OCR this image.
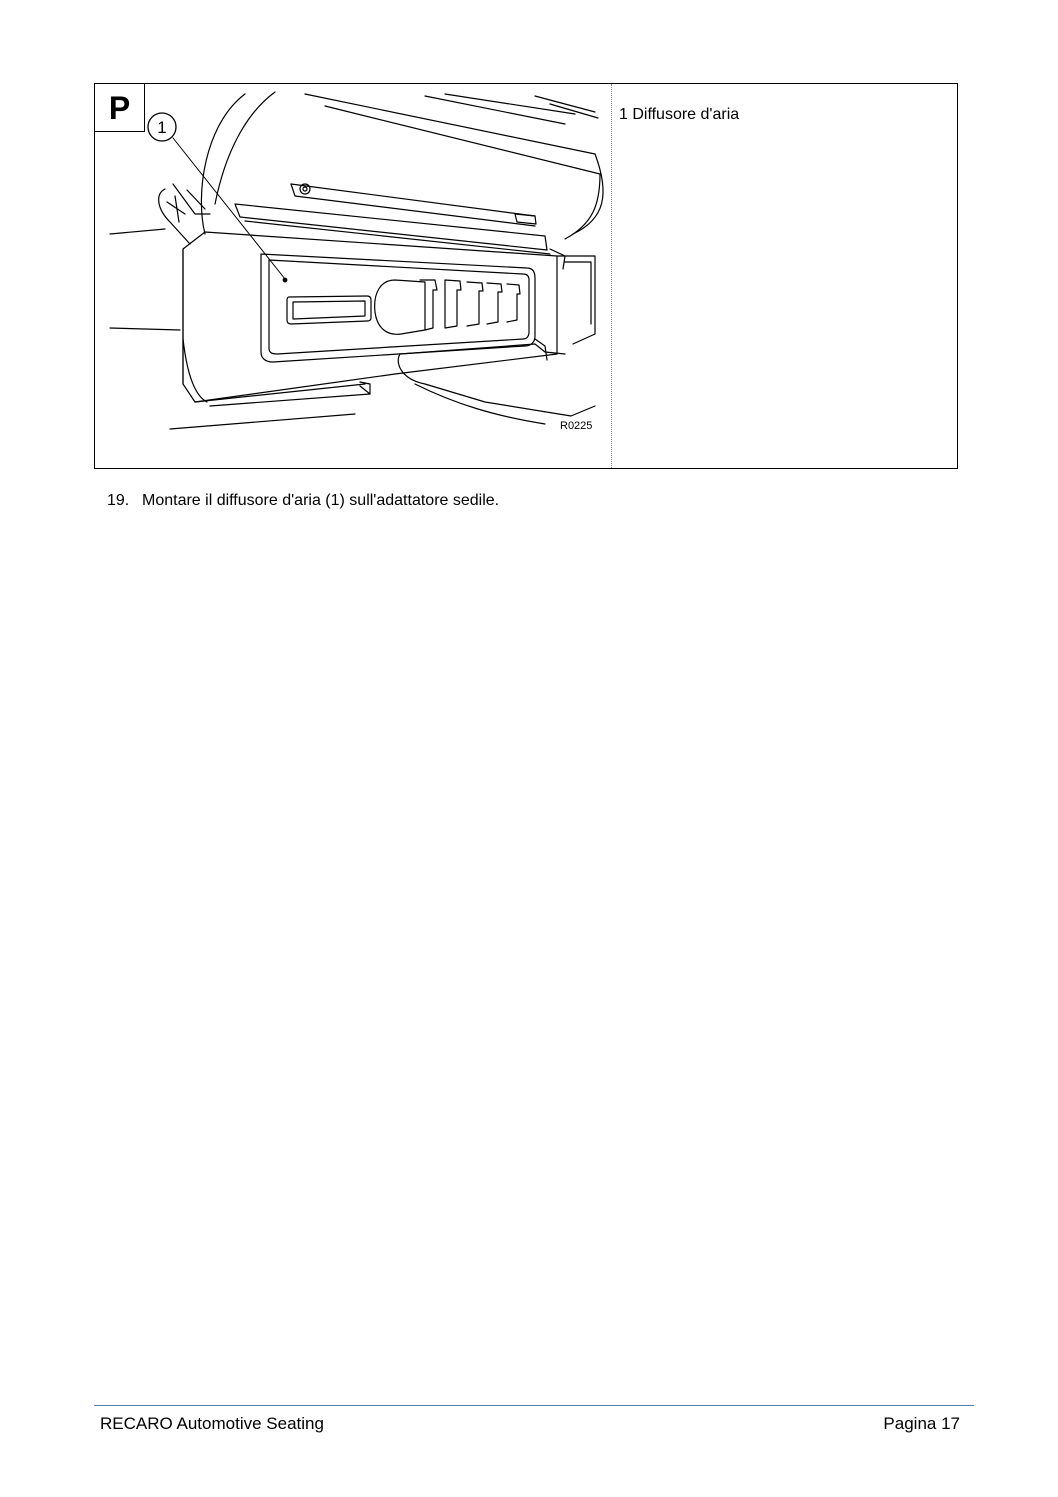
1
P
R0225
1 Diffusore d'aria
19. Montare il diffusore d'aria (1) sull'adattatore sedile.
RECARO Automotive Seating	Pagina 17
